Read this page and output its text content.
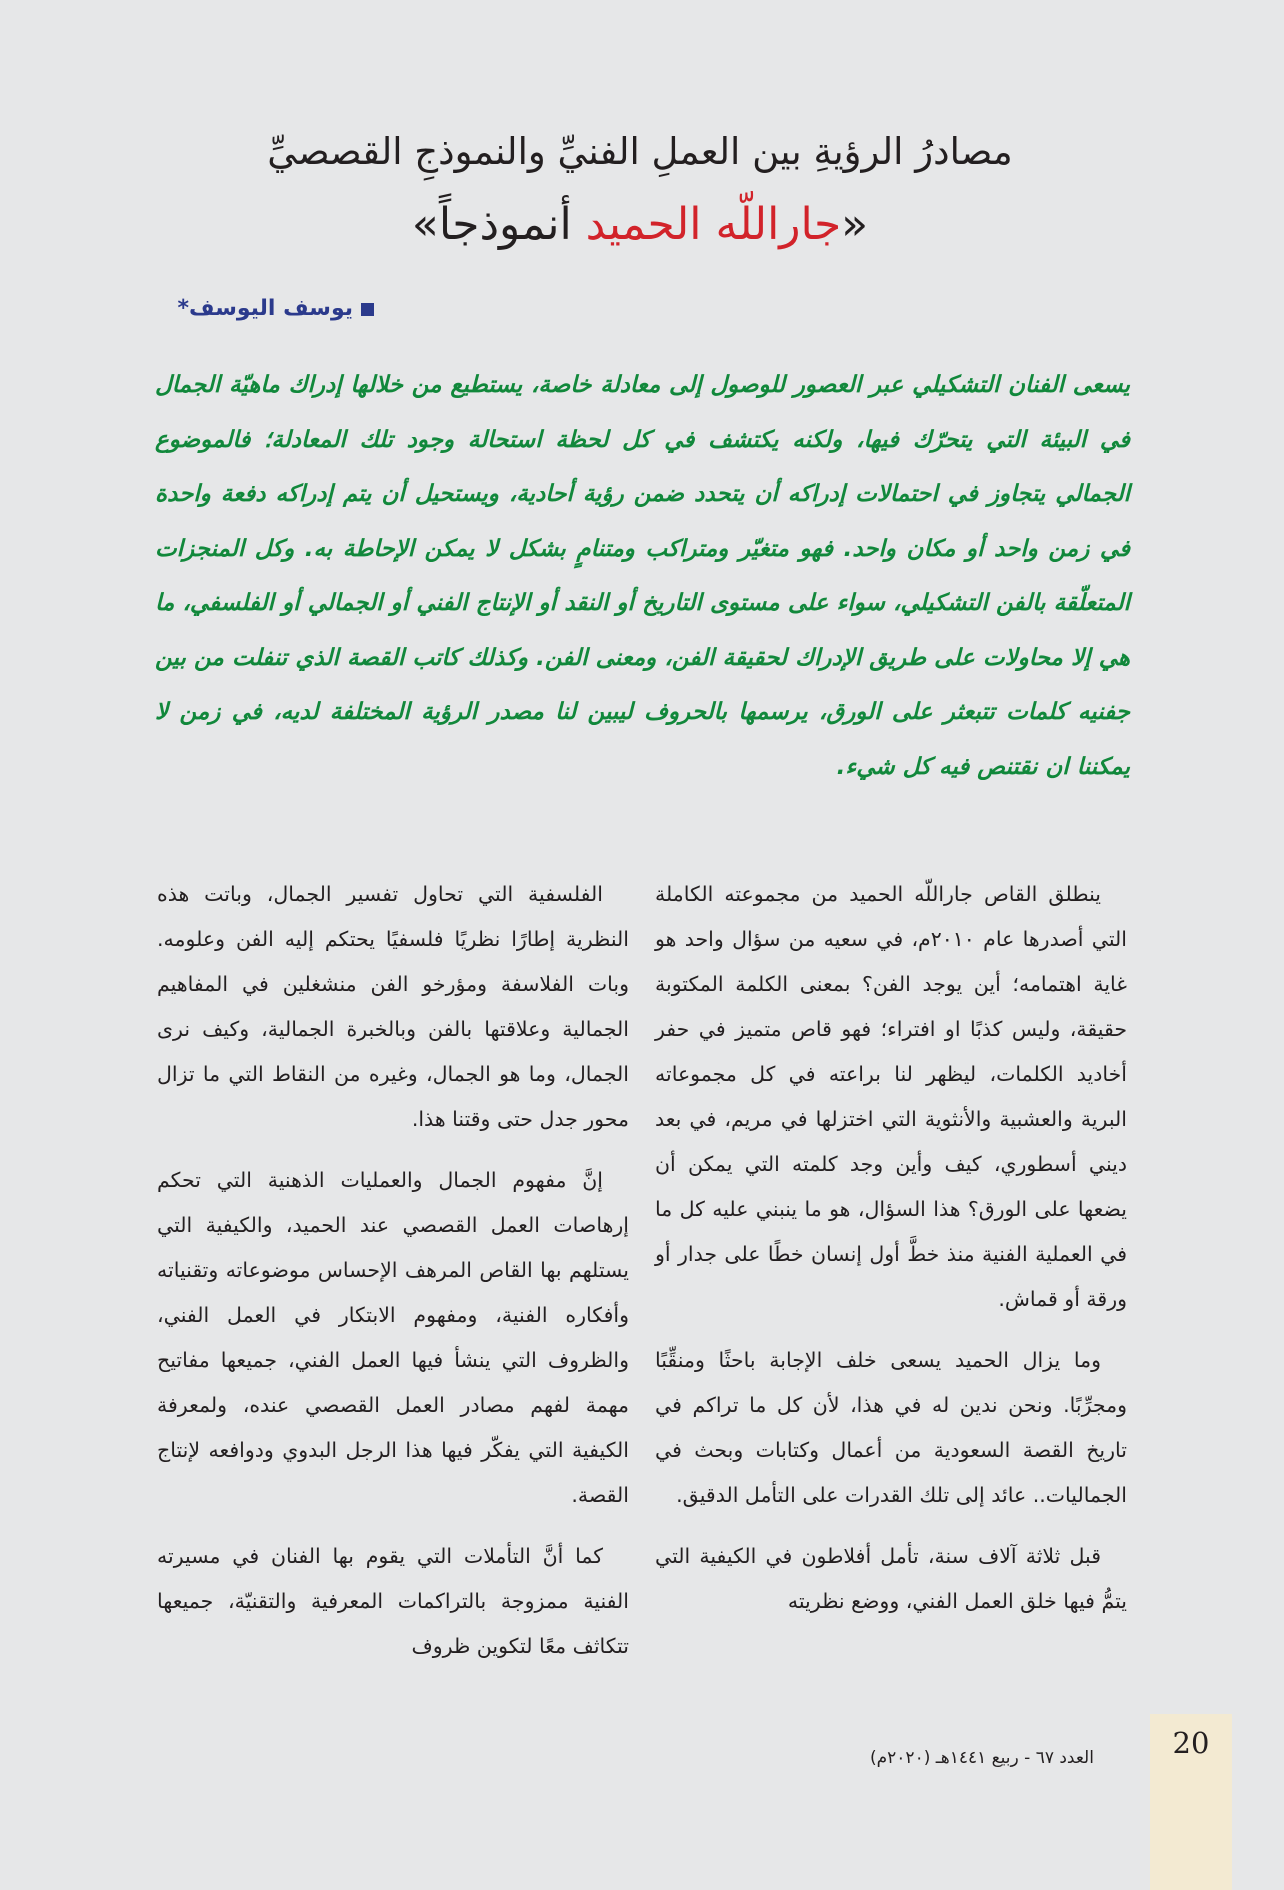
مصادرُ الرؤيةِ بين العملِ الفنيِّ والنموذجِ القصصيِّ
«جاراللّه الحميد أنموذجاً»
يوسف اليوسف*
يسعى الفنان التشكيلي عبر العصور للوصول إلى معادلة خاصة، يستطيع من خلالها إدراك ماهيّة الجمال في البيئة التي يتحرّك فيها، ولكنه يكتشف في كل لحظة استحالة وجود تلك المعادلة؛ فالموضوع الجمالي يتجاوز في احتمالات إدراكه أن يتحدد ضمن رؤية أحادية، ويستحيل أن يتم إدراكه دفعة واحدة في زمن واحد أو مكان واحد. فهو متغيّر ومتراكب ومتنامٍ بشكل لا يمكن الإحاطة به. وكل المنجزات المتعلّقة بالفن التشكيلي، سواء على مستوى التاريخ أو النقد أو الإنتاج الفني أو الجمالي أو الفلسفي، ما هي إلا محاولات على طريق الإدراك لحقيقة الفن، ومعنى الفن. وكذلك كاتب القصة الذي تنفلت من بين جفنيه كلمات تتبعثر على الورق، يرسمها بالحروف ليبين لنا مصدر الرؤية المختلفة لديه، في زمن لا يمكننا ان نقتنص فيه كل شيء.

ينطلق القاص جاراللّه الحميد من مجموعته الكاملة التي أصدرها عام ٢٠١٠م، في سعيه من سؤال واحد هو غاية اهتمامه؛ أين يوجد الفن؟ بمعنى الكلمة المكتوبة حقيقة، وليس كذبًا او افتراء؛ فهو قاص متميز في حفر أخاديد الكلمات، ليظهر لنا براعته في كل مجموعاته البرية والعشبية والأنثوية التي اختزلها في مريم، في بعد ديني أسطوري، كيف وأين وجد كلمته التي يمكن أن يضعها على الورق؟ هذا السؤال، هو ما ينبني عليه كل ما في العملية الفنية منذ خطَّ أول إنسان خطًا على جدار أو ورقة أو قماش.

وما يزال الحميد يسعى خلف الإجابة باحثًا ومنقِّبًا ومجرِّبًا. ونحن ندين له في هذا، لأن كل ما تراكم في تاريخ القصة السعودية من أعمال وكتابات وبحث في الجماليات.. عائد إلى تلك القدرات على التأمل الدقيق.

قبل ثلاثة آلاف سنة، تأمل أفلاطون في الكيفية التي يتمُّ فيها خلق العمل الفني، ووضع نظريته

الفلسفية التي تحاول تفسير الجمال، وباتت هذه النظرية إطارًا نظريًا فلسفيًا يحتكم إليه الفن وعلومه. وبات الفلاسفة ومؤرخو الفن منشغلين في المفاهيم الجمالية وعلاقتها بالفن وبالخبرة الجمالية، وكيف نرى الجمال، وما هو الجمال، وغيره من النقاط التي ما تزال محور جدل حتى وقتنا هذا.

إنَّ مفهوم الجمال والعمليات الذهنية التي تحكم إرهاصات العمل القصصي عند الحميد، والكيفية التي يستلهم بها القاص المرهف الإحساس موضوعاته وتقنياته وأفكاره الفنية، ومفهوم الابتكار في العمل الفني، والظروف التي ينشأ فيها العمل الفني، جميعها مفاتيح مهمة لفهم مصادر العمل القصصي عنده، ولمعرفة الكيفية التي يفكّر فيها هذا الرجل البدوي ودوافعه لإنتاج القصة.

كما أنَّ التأملات التي يقوم بها الفنان في مسيرته الفنية ممزوجة بالتراكمات المعرفية والتقنيّة، جميعها تتكاثف معًا لتكوين ظروف

20
العدد ٦٧ - ربيع ١٤٤١هـ (٢٠٢٠م)
